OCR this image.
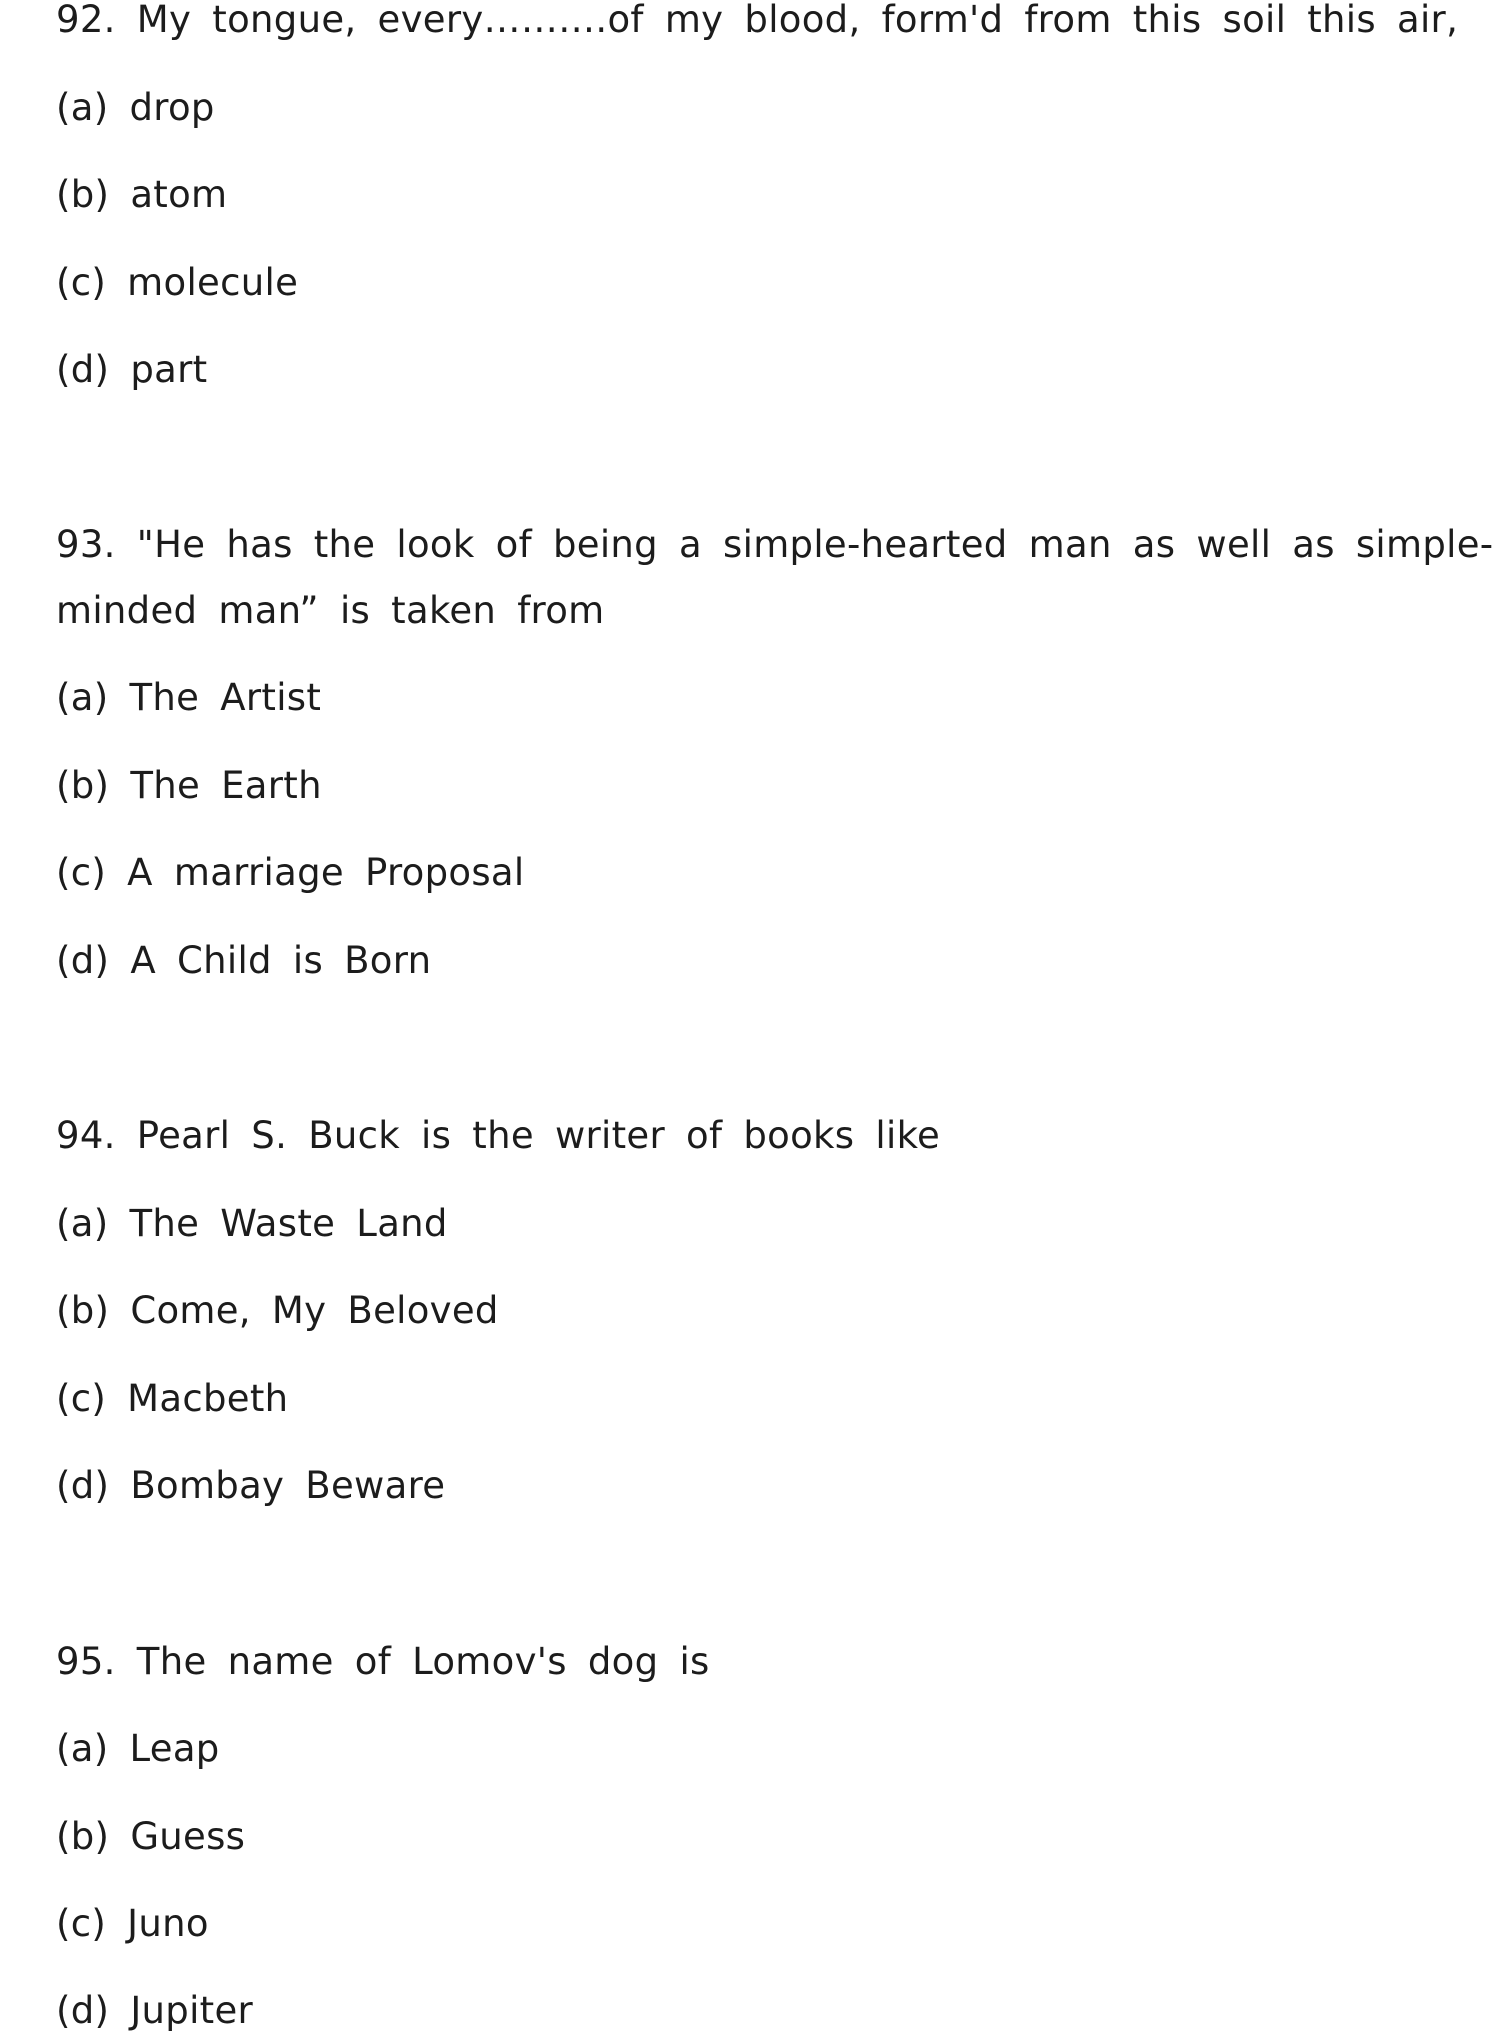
92. My tongue, every……….of my blood, form'd from this soil this air,

(a) drop

(b) atom

(c) molecule

(d) part

93. "He has the look of being a simple-hearted man as well as simple-

minded man” is taken from

(a) The Artist

(b) The Earth

(c) A marriage Proposal

(d) A Child is Born

94. Pearl S. Buck is the writer of books like

(a) The Waste Land

(b) Come, My Beloved

(c) Macbeth

(d) Bombay Beware

95. The name of Lomov's dog is

(a) Leap

(b) Guess

(c) Juno

(d) Jupiter
